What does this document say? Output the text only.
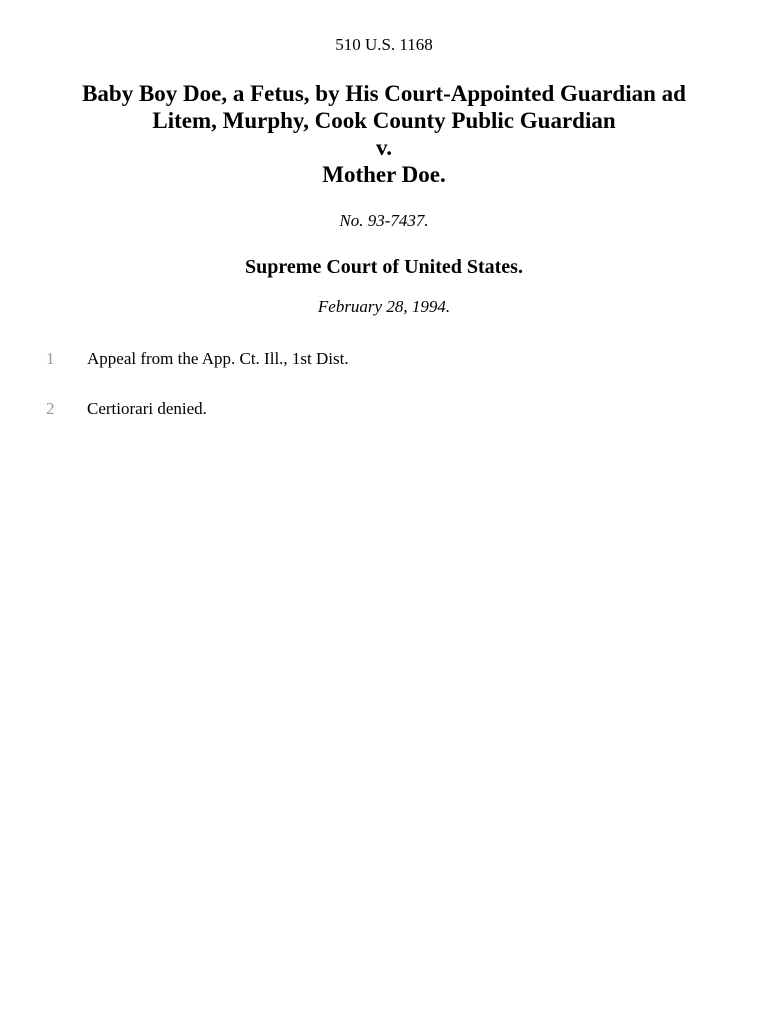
510 U.S. 1168
Baby Boy Doe, a Fetus, by His Court-Appointed Guardian ad
Litem, Murphy, Cook County Public Guardian
v.
Mother Doe.
No. 93-7437.
Supreme Court of United States.
February 28, 1994.
1 Appeal from the App. Ct. Ill., 1st Dist.
2 Certiorari denied.
